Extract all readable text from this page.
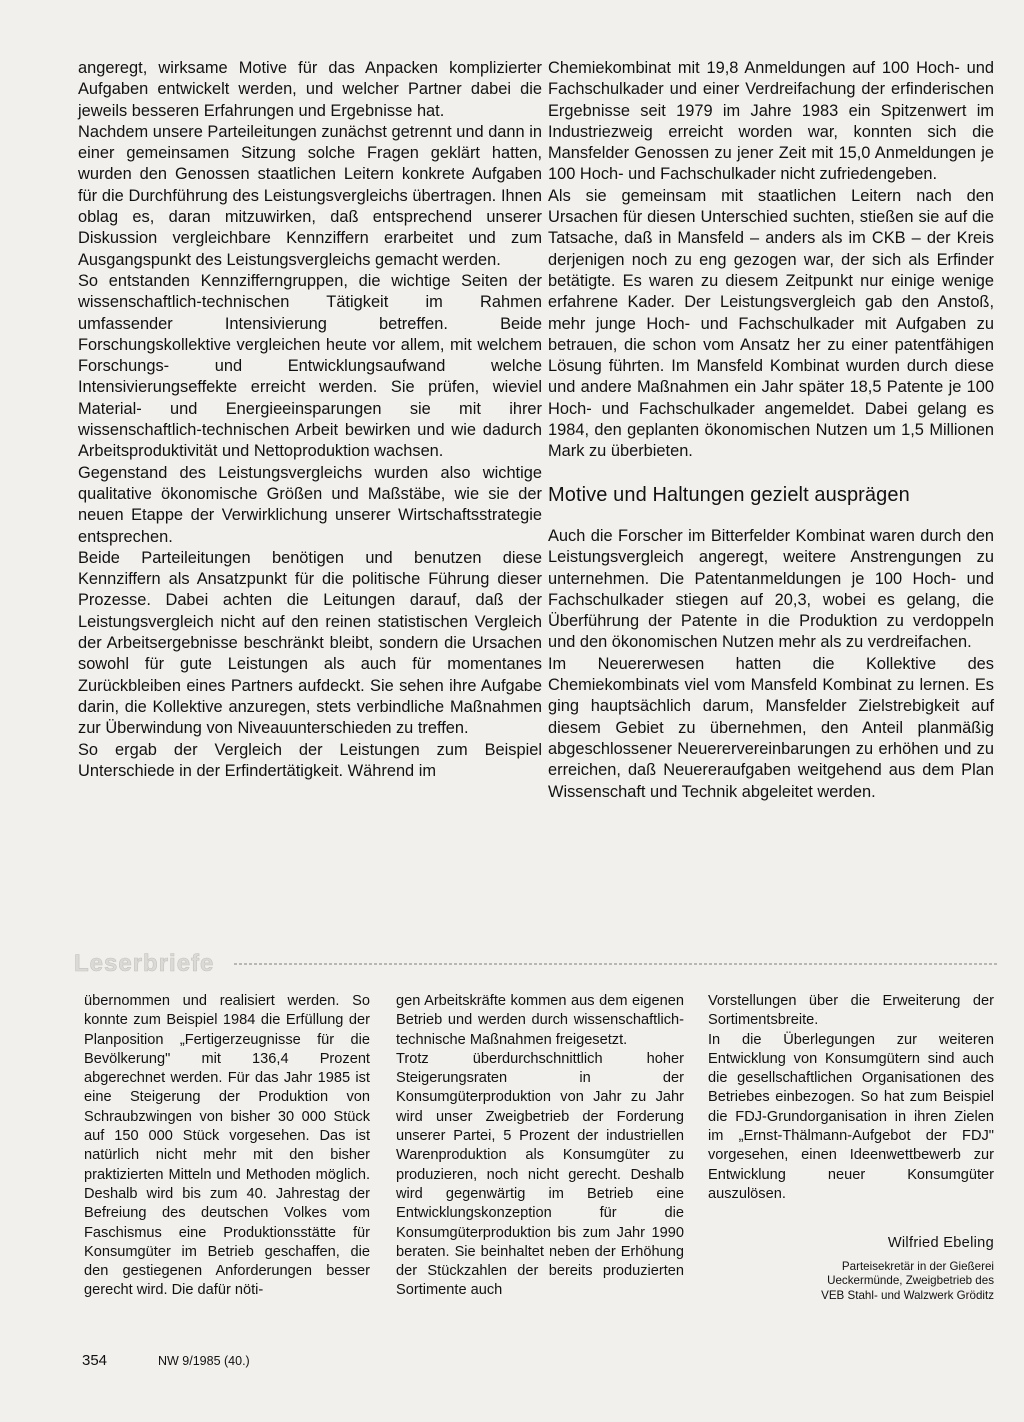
angeregt, wirksame Motive für das Anpacken komplizierter Aufgaben entwickelt werden, und welcher Partner dabei die jeweils besseren Erfahrungen und Ergebnisse hat.

Nachdem unsere Parteileitungen zunächst getrennt und dann in einer gemeinsamen Sitzung solche Fragen geklärt hatten, wurden den Genossen staatlichen Leitern konkrete Aufgaben für die Durchführung des Leistungsvergleichs übertragen. Ihnen oblag es, daran mitzuwirken, daß entsprechend unserer Diskussion vergleichbare Kennziffern erarbeitet und zum Ausgangspunkt des Leistungsvergleichs gemacht werden.

So entstanden Kennzifferngruppen, die wichtige Seiten der wissenschaftlich-technischen Tätigkeit im Rahmen umfassender Intensivierung betreffen. Beide Forschungskollektive vergleichen heute vor allem, mit welchem Forschungs- und Entwicklungsaufwand welche Intensivierungseffekte erreicht werden. Sie prüfen, wieviel Material- und Energieeinsparungen sie mit ihrer wissenschaftlich-technischen Arbeit bewirken und wie dadurch Arbeitsproduktivität und Nettoproduktion wachsen.

Gegenstand des Leistungsvergleichs wurden also wichtige qualitative ökonomische Größen und Maßstäbe, wie sie der neuen Etappe der Verwirklichung unserer Wirtschaftsstrategie entsprechen.

Beide Parteileitungen benötigen und benutzen diese Kennziffern als Ansatzpunkt für die politische Führung dieser Prozesse. Dabei achten die Leitungen darauf, daß der Leistungsvergleich nicht auf den reinen statistischen Vergleich der Arbeitsergebnisse beschränkt bleibt, sondern die Ursachen sowohl für gute Leistungen als auch für momentanes Zurückbleiben eines Partners aufdeckt. Sie sehen ihre Aufgabe darin, die Kollektive anzuregen, stets verbindliche Maßnahmen zur Überwindung von Niveauunterschieden zu treffen.

So ergab der Vergleich der Leistungen zum Beispiel Unterschiede in der Erfindertätigkeit. Während im

Chemiekombinat mit 19,8 Anmeldungen auf 100 Hoch- und Fachschulkader und einer Verdreifachung der erfinderischen Ergebnisse seit 1979 im Jahre 1983 ein Spitzenwert im Industriezweig erreicht worden war, konnten sich die Mansfelder Genossen zu jener Zeit mit 15,0 Anmeldungen je 100 Hoch- und Fachschulkader nicht zufriedengeben.

Als sie gemeinsam mit staatlichen Leitern nach den Ursachen für diesen Unterschied suchten, stießen sie auf die Tatsache, daß in Mansfeld – anders als im CKB – der Kreis derjenigen noch zu eng gezogen war, der sich als Erfinder betätigte. Es waren zu diesem Zeitpunkt nur einige wenige erfahrene Kader. Der Leistungsvergleich gab den Anstoß, mehr junge Hoch- und Fachschulkader mit Aufgaben zu betrauen, die schon vom Ansatz her zu einer patentfähigen Lösung führten. Im Mansfeld Kombinat wurden durch diese und andere Maßnahmen ein Jahr später 18,5 Patente je 100 Hoch- und Fachschulkader angemeldet. Dabei gelang es 1984, den geplanten ökonomischen Nutzen um 1,5 Millionen Mark zu überbieten.

Motive und Haltungen gezielt ausprägen

Auch die Forscher im Bitterfelder Kombinat waren durch den Leistungsvergleich angeregt, weitere Anstrengungen zu unternehmen. Die Patentanmeldungen je 100 Hoch- und Fachschulkader stiegen auf 20,3, wobei es gelang, die Überführung der Patente in die Produktion zu verdoppeln und den ökonomischen Nutzen mehr als zu verdreifachen.

Im Neuererwesen hatten die Kollektive des Chemiekombinats viel vom Mansfeld Kombinat zu lernen. Es ging hauptsächlich darum, Mansfelder Zielstrebigkeit auf diesem Gebiet zu übernehmen, den Anteil planmäßig abgeschlossener Neuerervereinbarungen zu erhöhen und zu erreichen, daß Neuereraufgaben weitgehend aus dem Plan Wissenschaft und Technik abgeleitet werden.

Leserbriefe

übernommen und realisiert werden. So konnte zum Beispiel 1984 die Erfüllung der Planposition „Fertigerzeugnisse für die Bevölkerung" mit 136,4 Prozent abgerechnet werden. Für das Jahr 1985 ist eine Steigerung der Produktion von Schraubzwingen von bisher 30 000 Stück auf 150 000 Stück vorgesehen. Das ist natürlich nicht mehr mit den bisher praktizierten Mitteln und Methoden möglich. Deshalb wird bis zum 40. Jahrestag der Befreiung des deutschen Volkes vom Faschismus eine Produktionsstätte für Konsumgüter im Betrieb geschaffen, die den gestiegenen Anforderungen besser gerecht wird. Die dafür nöti-

gen Arbeitskräfte kommen aus dem eigenen Betrieb und werden durch wissenschaftlich-technische Maßnahmen freigesetzt.

Trotz überdurchschnittlich hoher Steigerungsraten in der Konsumgüterproduktion von Jahr zu Jahr wird unser Zweigbetrieb der Forderung unserer Partei, 5 Prozent der industriellen Warenproduktion als Konsumgüter zu produzieren, noch nicht gerecht. Deshalb wird gegenwärtig im Betrieb eine Entwicklungskonzeption für die Konsumgüterproduktion bis zum Jahr 1990 beraten. Sie beinhaltet neben der Erhöhung der Stückzahlen der bereits produzierten Sortimente auch

Vorstellungen über die Erweiterung der Sortimentsbreite.

In die Überlegungen zur weiteren Entwicklung von Konsumgütern sind auch die gesellschaftlichen Organisationen des Betriebes einbezogen. So hat zum Beispiel die FDJ-Grundorganisation in ihren Zielen im „Ernst-Thälmann-Aufgebot der FDJ" vorgesehen, einen Ideenwettbewerb zur Entwicklung neuer Konsumgüter auszulösen.

Wilfried Ebeling
Parteisekretär in der Gießerei
Ueckermünde, Zweigbetrieb des
VEB Stahl- und Walzwerk Gröditz
354	NW 9/1985 (40.)
